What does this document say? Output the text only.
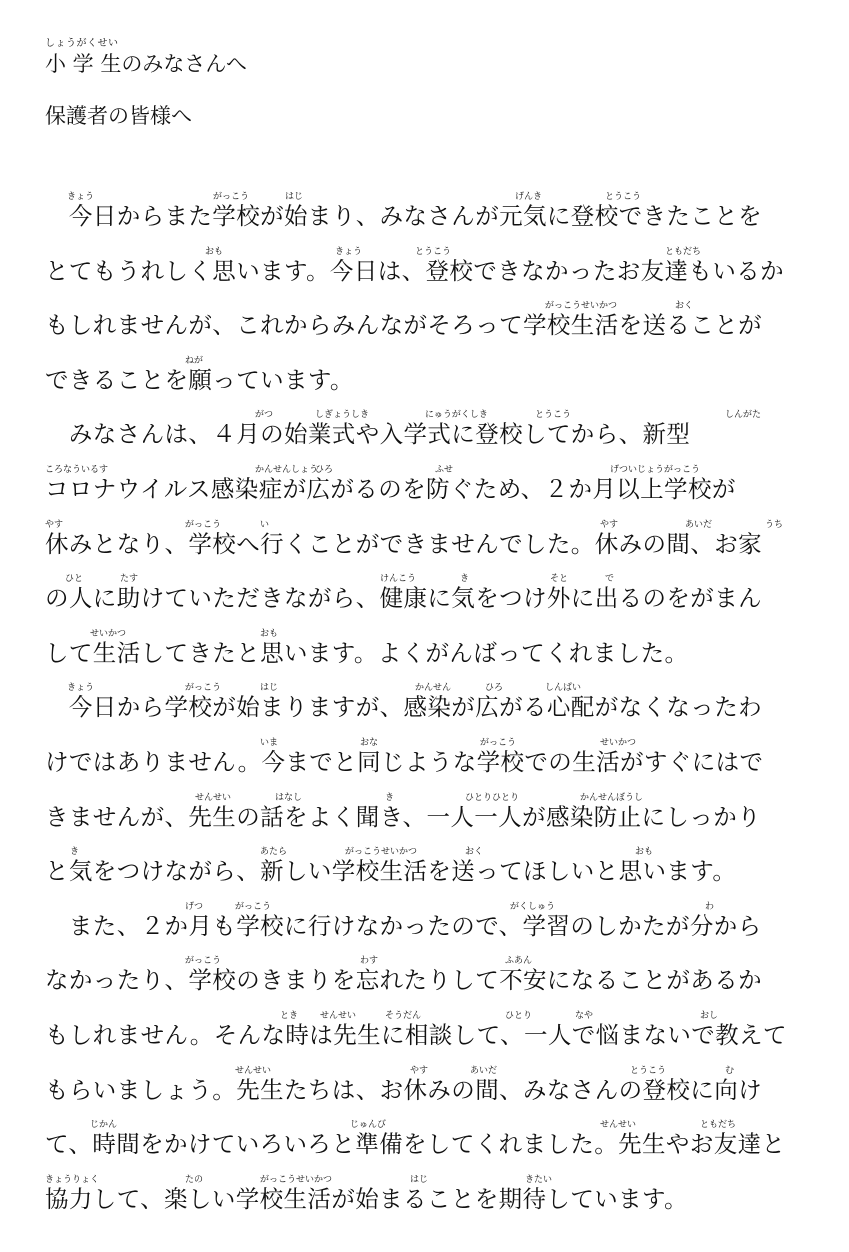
しょうがくせい
小 学 生のみなさんへ
保護者の皆様へ
きょう	がっこう	はじ	げんき	とうこう
　今日からまた学校が始まり、みなさんが元気に登校できたことを
おも	きょう	とうこう	ともだち
とてもうれしく思います。今日は、登校できなかったお友達もいるか
がっこうせいかつ	おく
もしれませんが、これからみんながそろって学校生活を送ることが
ねが
できることを願っています。
がつ	しぎょうしき	にゅうがくしき	とうこう	しんがた
　みなさんは、４月の始業式や入学式に登校してから、新型
ころなういるす	かんせんしょう
ひろ	ふせ	げついじょうがっこう
コロナウイルス感染症が広がるのを防ぐため、２か月以上学校が
やす	がっこう	い	やす	あいだ	うち
休みとなり、学校へ行くことができませんでした。休みの間、お家
ひと	たす	けんこう	き	そと	で
の人に助けていただきながら、健康に気をつけ外に出るのをがまん
せいかつ	おも
して生活してきたと思います。よくがんばってくれました。
きょう	がっこう	はじ	かんせん	ひろ	しんぱい
　今日から学校が始まりますが、感染が広がる心配がなくなったわ
いま	おな	がっこう	せいかつ
けではありません。今までと同じような学校での生活がすぐにはで
せんせい	はなし	き	ひとりひとり	かんせんぼうし
きませんが、先生の話をよく聞き、一人一人が感染防止にしっかり
き	あたら	がっこうせいかつ	おく	おも
と気をつけながら、新しい学校生活を送ってほしいと思います。
げつ	がっこう	がくしゅう	わ
　また、２か月も学校に行けなかったので、学習のしかたが分から
がっこう	わす	ふあん
なかったり、学校のきまりを忘れたりして不安になることがあるか
とき せんせい	そうだん	ひとり	なや	おし
もしれません。そんな時は先生に相談して、一人で悩まないで教えて
せんせい	やす	あいだ	とうこう	む
もらいましょう。先生たちは、お休みの間、みなさんの登校に向け
じかん	じゅんび	せんせい	ともだち
て、時間をかけていろいろと準備をしてくれました。先生やお友達と
きょうりょく	たの	がっこうせいかつ	はじ	きたい
協力して、楽しい学校生活が始まることを期待しています。
